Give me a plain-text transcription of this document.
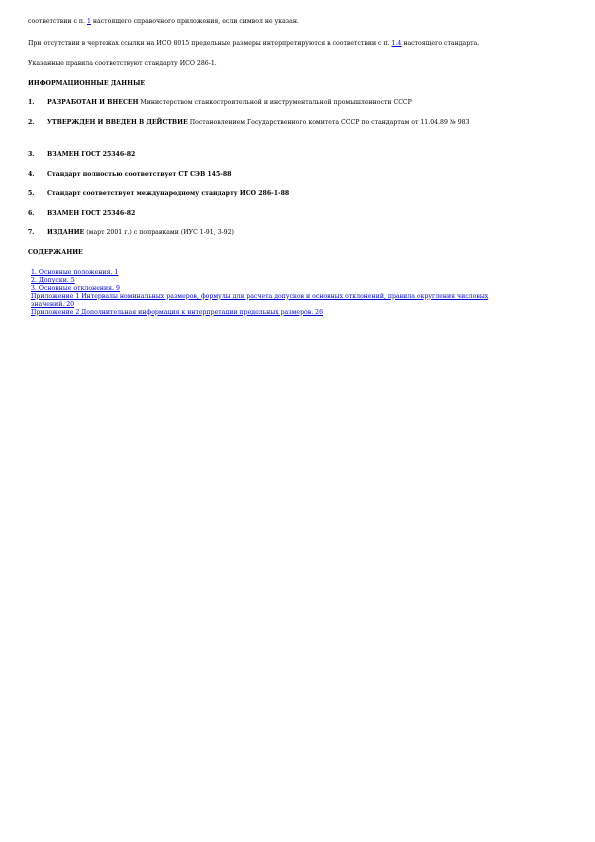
соответствии с п. 1 настоящего справочного приложения, если символ не указан.
При отсутствии в чертежах ссылки на ИСО 8015 предельные размеры интерпретируются в соответствии с п. 1.4 настоящего стандарта.
Указанные правила соответствуют стандарту ИСО 286-1.
ИНФОРМАЦИОННЫЕ ДАННЫЕ
1. РАЗРАБОТАН И ВНЕСЕН Министерством станкостроительной и инструментальной промышленности СССР
2. УТВЕРЖДЕН И ВВЕДЕН В ДЕЙСТВИЕ Постановлением Государственного комитета СССР по стандартам от 11.04.89 № 983
3. ВЗАМЕН ГОСТ 25346-82
4. Стандарт полностью соответствует СТ СЭВ 145-88
5. Стандарт соответствует международному стандарту ИСО 286-1-88
6. ВЗАМЕН ГОСТ 25346-82
7. ИЗДАНИЕ (март 2001 г.) с поправками (ИУС 1-91, 3-92)
СОДЕРЖАНИЕ
1. Основные положения. 1
2. Допуски. 5
3. Основные отклонения. 9
Приложение 1 Интервалы номинальных размеров, формулы для расчета допусков и основных отклонений, правила округления числовых значений. 20
Приложение 2 Дополнительная информация к интерпретации предельных размеров. 26
